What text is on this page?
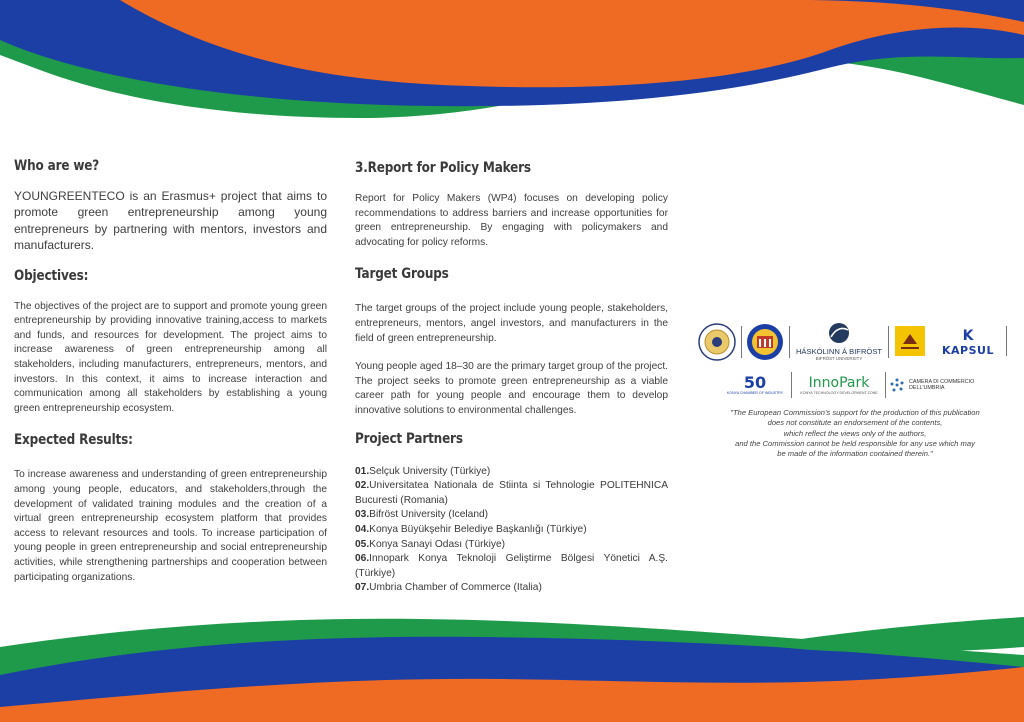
Who are we?

YOUNGREENTECO is an Erasmus+ project that aims to promote green entrepreneurship among young entrepreneurs by partnering with mentors, investors and manufacturers.

Objectives:

The objectives of the project are to support and promote young green entrepreneurship by providing innovative training,access to markets and funds, and resources for development. The project aims to increase awareness of green entrepreneurship among all stakeholders, including manufacturers, entrepreneurs, mentors, and investors. In this context, it aims to increase interaction and communication among all stakeholders by establishing a young green entrepreneurship ecosystem.

Expected Results:

To increase awareness and understanding of green entrepreneurship among young people, educators, and stakeholders,through the development of validated training modules and the creation of a virtual green entrepreneurship ecosystem platform that provides access to relevant resources and tools. To increase participation of young people in green entrepreneurship and social entrepreneurship activities, while strengthening partnerships and cooperation between participating organizations.

3.Report for Policy Makers

Report for Policy Makers (WP4) focuses on developing policy recommendations to address barriers and increase opportunities for green entrepreneurship. By engaging with policymakers and advocating for policy reforms.

Target Groups

The target groups of the project include young people, stakeholders, entrepreneurs, mentors, angel investors, and manufacturers in the field of green entrepreneurship.

Young people aged 18–30 are the primary target group of the project. The project seeks to promote green entrepreneurship as a viable career path for young people and encourage them to develop innovative solutions to environmental challenges.

Project Partners
01.Selçuk University (Türkiye)
02.Universitatea Nationala de Stiinta si Tehnologie POLITEHNICA Bucuresti (Romania)
03.Bifröst University (Iceland)
04.Konya Büyükşehir Belediye Başkanlığı (Türkiye)
05.Konya Sanayi Odası (Türkiye)
06.Innopark Konya Teknoloji Geliştirme Bölgesi Yönetici A.Ş. (Türkiye)
07.Umbria Chamber of Commerce (Italia)
HÁSKÓLINN Á BIFRÖST
BIFRÖST UNIVERSITY
K
KAPSUL
50
KONYA CHAMBER OF INDUSTRY
InnoPark
KONYA TECHNOLOGY DEVELOPMENT ZONE
CAMERA DI COMMERCIO
DELL'UMBRIA
"The European Commission's support for the production of this publication
does not constitute an endorsement of the contents,
which reflect the views only of the authors,
and the Commission cannot be held responsible for any use which may
be made of the information contained therein."
